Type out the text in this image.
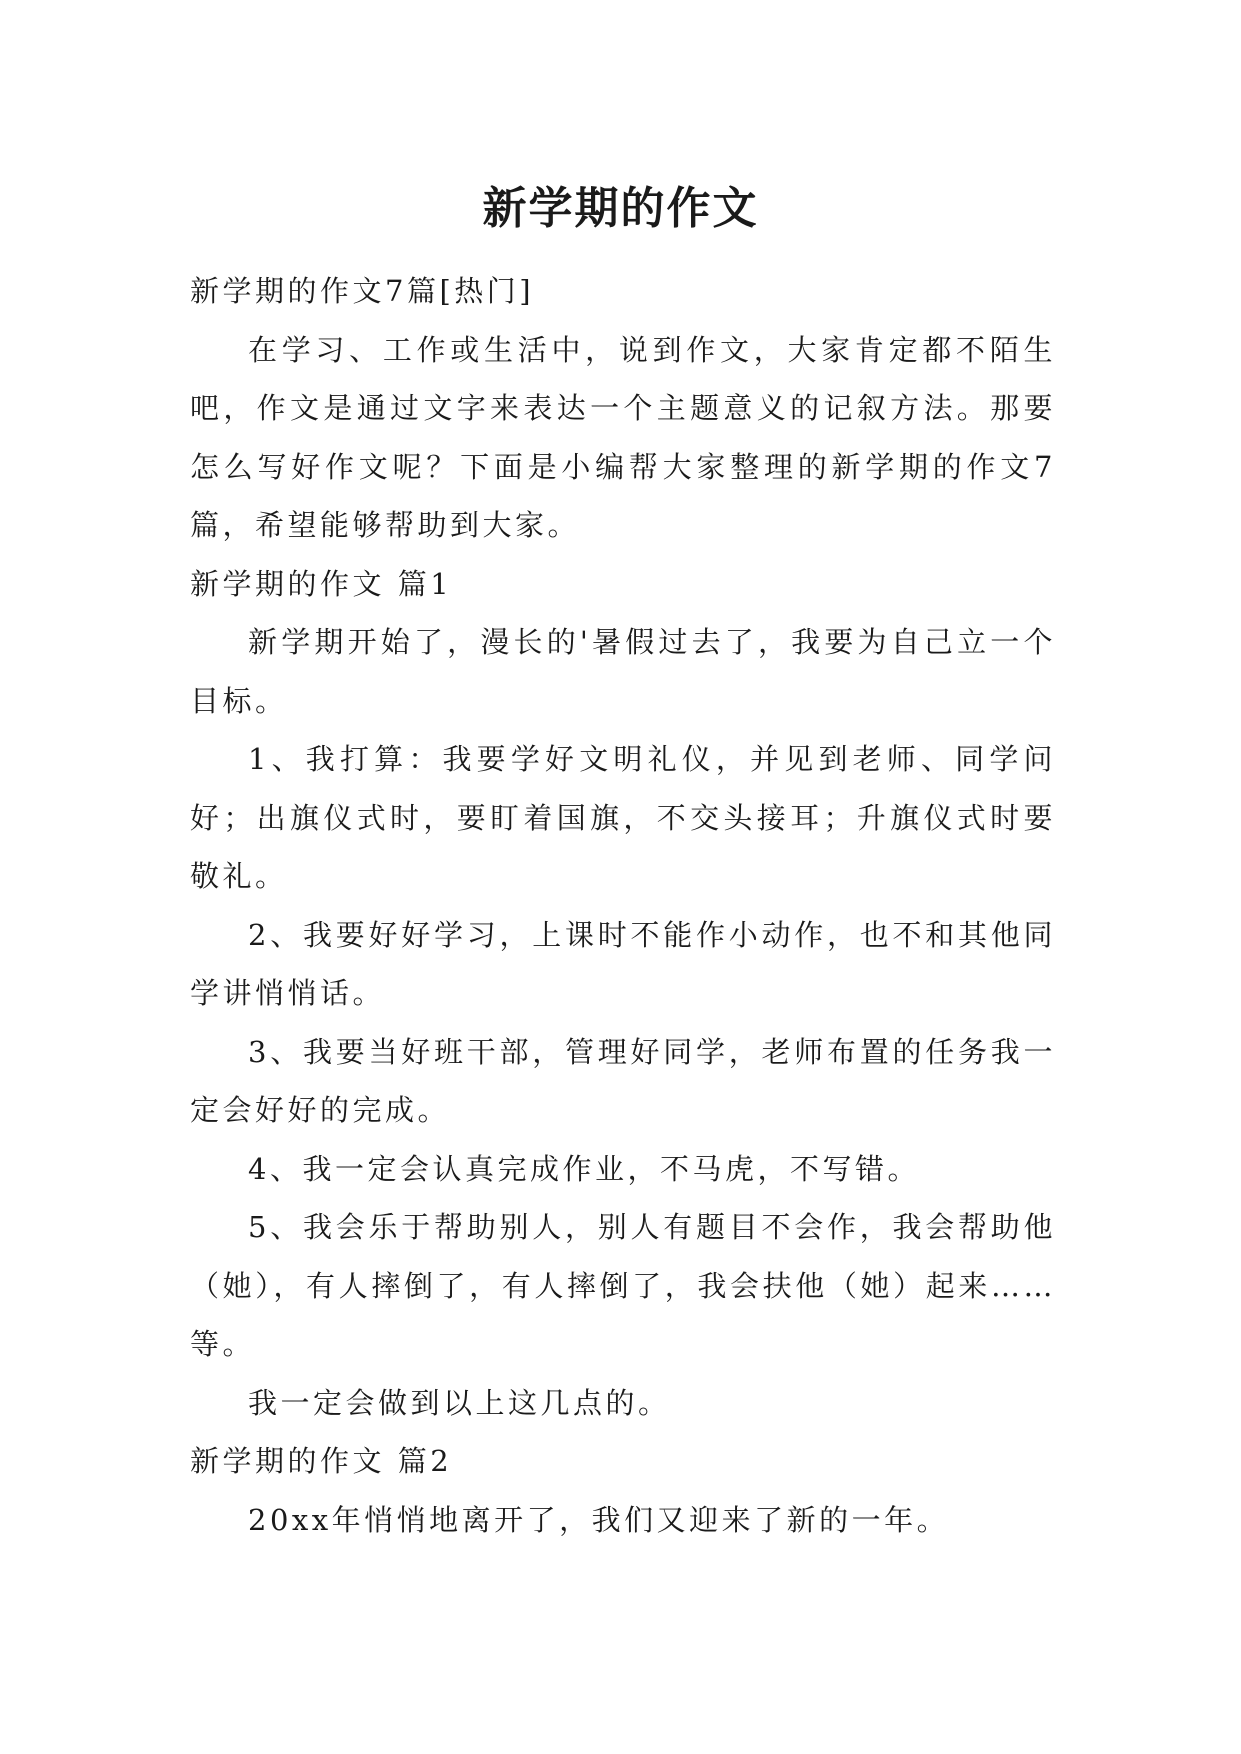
新学期的作文

新学期的作文7篇[热门]

在学习、工作或生活中，说到作文，大家肯定都不陌生吧，作文是通过文字来表达一个主题意义的记叙方法。那要怎么写好作文呢？下面是小编帮大家整理的新学期的作文7篇，希望能够帮助到大家。

新学期的作文 篇1

新学期开始了，漫长的'暑假过去了，我要为自己立一个目标。

1、我打算：我要学好文明礼仪，并见到老师、同学问好；出旗仪式时，要盯着国旗，不交头接耳；升旗仪式时要敬礼。

2、我要好好学习，上课时不能作小动作，也不和其他同学讲悄悄话。

3、我要当好班干部，管理好同学，老师布置的任务我一定会好好的完成。

4、我一定会认真完成作业，不马虎，不写错。

5、我会乐于帮助别人，别人有题目不会作，我会帮助他（她），有人摔倒了，有人摔倒了，我会扶他（她）起来……等。

我一定会做到以上这几点的。

新学期的作文 篇2

20xx年悄悄地离开了，我们又迎来了新的一年。
